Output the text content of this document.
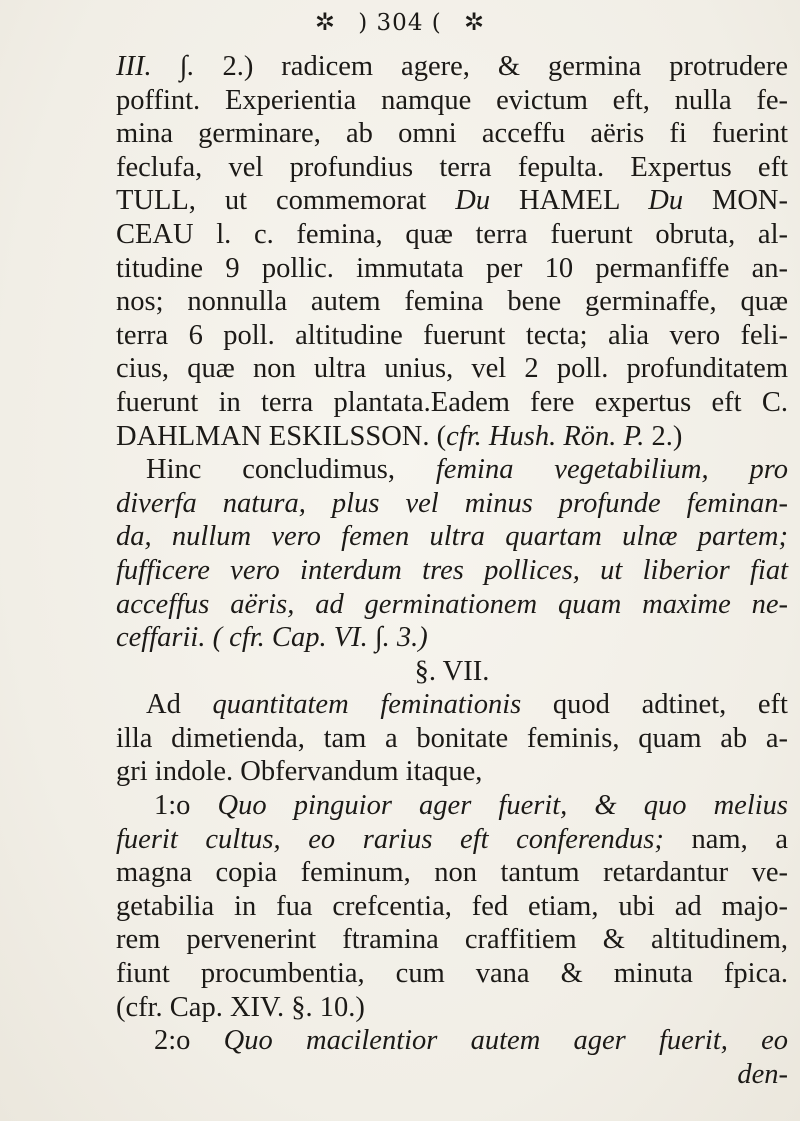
✲ ) 304 ( ✲
III. ∫. 2.) radicem agere, & germina protrudere
poffint. Experientia namque evictum eft, nulla fe-
mina germinare, ab omni acceffu aëris fi fuerint
feclufa, vel profundius terra fepulta. Expertus eft
TULL, ut commemorat Du HAMEL Du MON-
CEAU l. c. femina, quæ terra fuerunt obruta, al-
titudine 9 pollic. immutata per 10 permanfiffe an-
nos; nonnulla autem femina bene germinaffe, quæ
terra 6 poll. altitudine fuerunt tecta; alia vero feli-
cius, quæ non ultra unius, vel 2 poll. profunditatem
fuerunt in terra plantata.Eadem fere expertus eft C.
DAHLMAN ESKILSSON. (cfr. Hush. Rön. P. 2.)
Hinc concludimus, femina vegetabilium, pro
diverfa natura, plus vel minus profunde feminan-
da, nullum vero femen ultra quartam ulnæ partem;
fufficere vero interdum tres pollices, ut liberior fiat
acceffus aëris, ad germinationem quam maxime ne-
ceffarii. ( cfr. Cap. VI. ∫. 3.)
§. VII.
Ad quantitatem feminationis quod adtinet, eft
illa dimetienda, tam a bonitate feminis, quam ab a-
gri indole. Obfervandum itaque,
1:o Quo pinguior ager fuerit, & quo melius
fuerit cultus, eo rarius eft conferendus; nam, a
magna copia feminum, non tantum retardantur ve-
getabilia in fua crefcentia, fed etiam, ubi ad majo-
rem pervenerint ftramina craffitiem & altitudinem,
fiunt procumbentia, cum vana & minuta fpica.
(cfr. Cap. XIV. §. 10.)
2:o Quo macilentior autem ager fuerit, eo
den-
